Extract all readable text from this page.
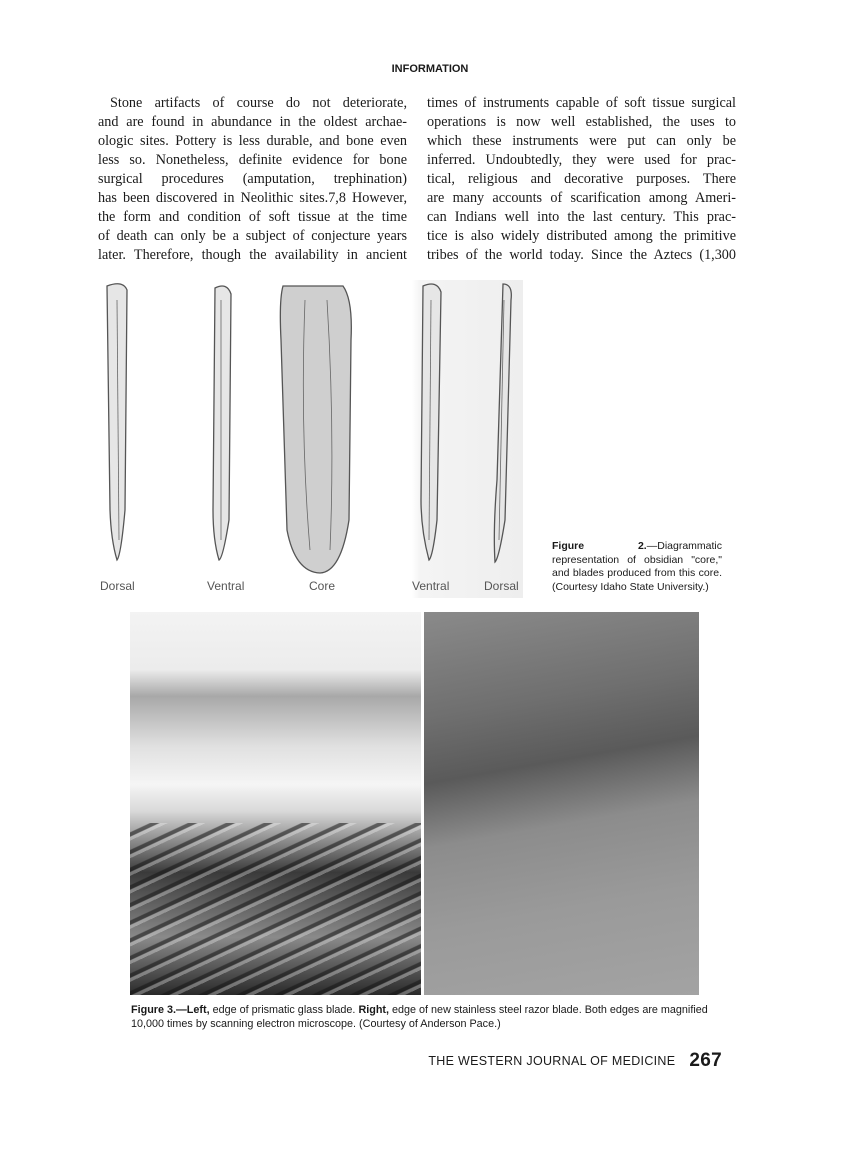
INFORMATION
Stone artifacts of course do not deteriorate,
and are found in abundance in the oldest archae-
ologic sites. Pottery is less durable, and bone even
less so. Nonetheless, definite evidence for bone
surgical procedures (amputation, trephination)
has been discovered in Neolithic sites.7,8 However,
the form and condition of soft tissue at the time
of death can only be a subject of conjecture years
later. Therefore, though the availability in ancient
times of instruments capable of soft tissue surgical
operations is now well established, the uses to
which these instruments were put can only be
inferred. Undoubtedly, they were used for prac-
tical, religious and decorative purposes. There
are many accounts of scarification among Ameri-
can Indians well into the last century. This prac-
tice is also widely distributed among the primitive
tribes of the world today. Since the Aztecs (1,300
Dorsal	Ventral	Core	Ventral	Dorsal
Figure 2.—Diagrammatic representation of obsidian "core," and blades produced from this core. (Courtesy Idaho State University.)
Figure 3.—Left, edge of prismatic glass blade. Right, edge of new stainless steel razor blade. Both edges are magnified 10,000 times by scanning electron microscope. (Courtesy of Anderson Pace.)
THE WESTERN JOURNAL OF MEDICINE 267
